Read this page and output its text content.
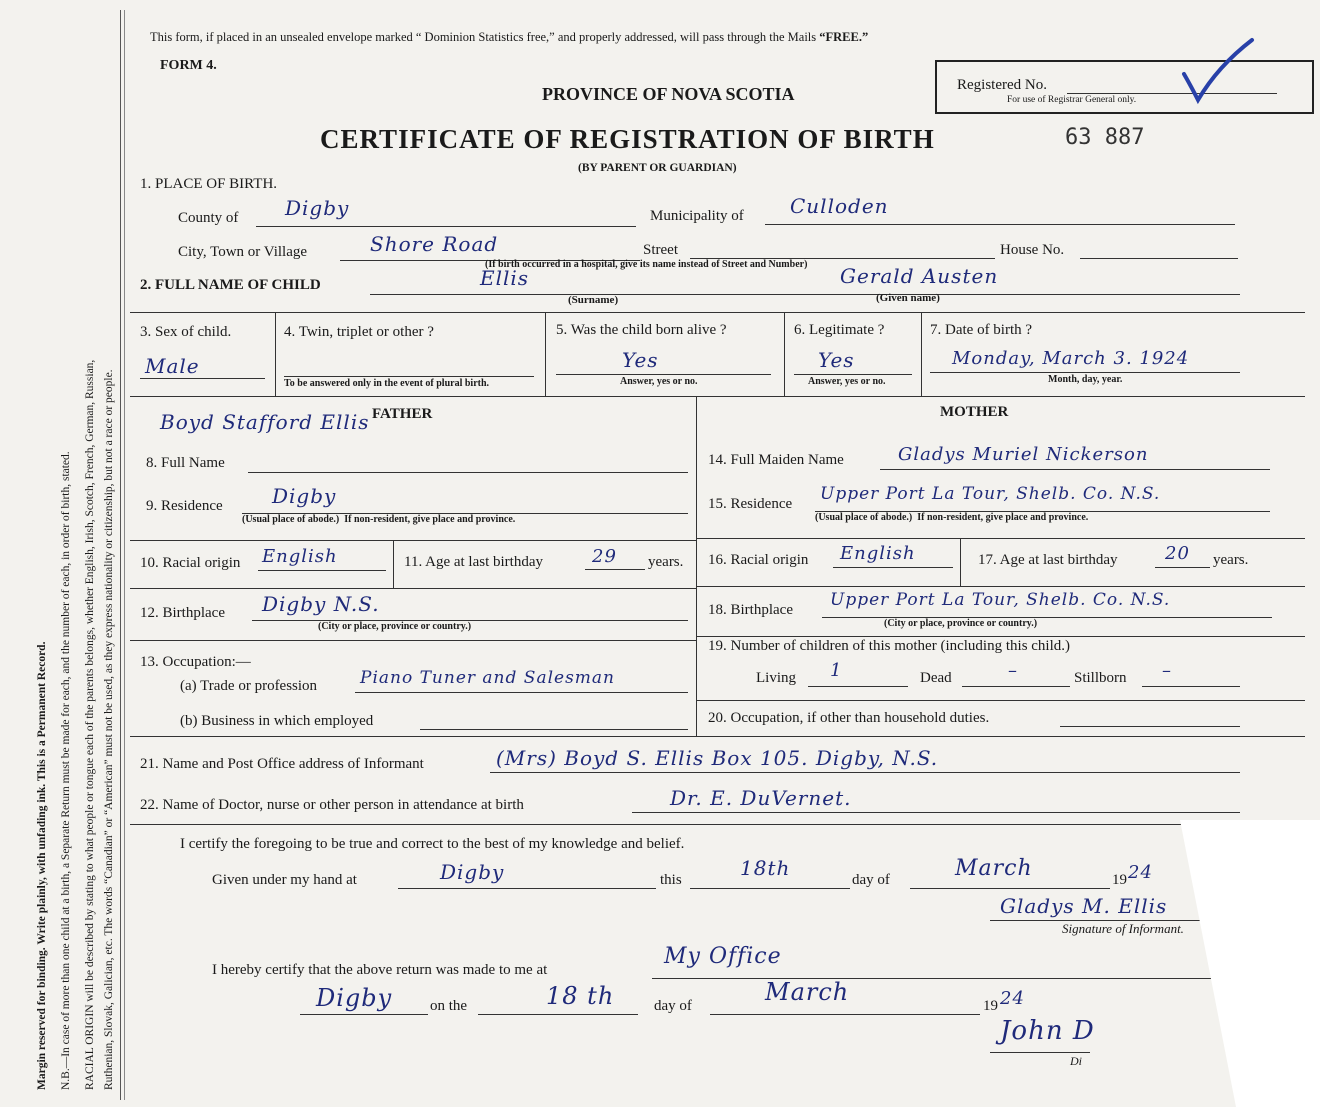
Margin reserved for binding. Write plainly, with unfading ink. This is a Permanent Record. N.B.—In case of more than one child at a birth, a Separate Return must be made for each, and the number of each, in order of birth, stated. RACIAL ORIGIN will be described by stating to what people or tongue each of the parents belongs, whether English, Irish, Scotch, French, German, Russian, Ruthenian, Slovak, Galician, etc. The words “Canadian” or “American” must not be used, as they express nationality or citizenship, but not a race or people.
This form, if placed in an unsealed envelope marked “ Dominion Statistics free,” and properly addressed, will pass through the Mails “FREE.”
FORM 4.
PROVINCE OF NOVA SCOTIA	Registered No.
For use of Registrar General only.
CERTIFICATE OF REGISTRATION OF BIRTH	63 887
(BY PARENT OR GUARDIAN)
1. PLACE OF BIRTH.
County of Digby	Municipality of Culloden
City, Town or Village	Shore Road	Street	House No.
(If birth occurred in a hospital, give its name instead of Street and Number)
2. FULL NAME OF CHILD	Ellis
(Surname)
Gerald Austen
(Given name)
3. Sex of child.
Male
4. Twin, triplet or other ?
To be answered only in the event of plural birth.
5. Was the child born alive ?
Yes
Answer, yes or no.
6. Legitimate ?
Yes
Answer, yes or no.
7. Date of birth ?
Monday, March 3. 1924
Month, day, year.
FATHER
Boyd Stafford Ellis
8. Full Name
9. Residence Digby
(Usual place of abode.) If non-resident, give place and province.
10. Racial origin English	11. Age at last birthday	29 years.
12. Birthplace Digby N.S.
(City or place, province or country.)
13. Occupation:—
(a) Trade or profession	Piano Tuner and Salesman
(b) Business in which employed
MOTHER
14. Full Maiden Name	Gladys Muriel Nickerson
15. Residence Upper Port La Tour, Shelb. Co. N.S.
(Usual place of abode.) If non-resident, give place and province.
16. Racial origin English	17. Age at last birthday	20 years.
18. Birthplace Upper Port La Tour, Shelb. Co. N.S.
(City or place, province or country.)
19. Number of children of this mother (including this child.)
Living 1	Dead	–	Stillborn –
20. Occupation, if other than household duties.
21. Name and Post Office address of Informant	(Mrs) Boyd S. Ellis Box 105. Digby, N.S.
22. Name of Doctor, nurse or other person in attendance at birth	Dr. E. DuVernet.
I certify the foregoing to be true and correct to the best of my knowledge and belief.
Given under my hand at	Digby	this	18th	day of	March	19 24
Gladys M. Ellis
Signature of Informant.
I hereby certify that the above return was made to me at
My Office
Digby	on the	18 th	day of	March	19 24
John D
Di
